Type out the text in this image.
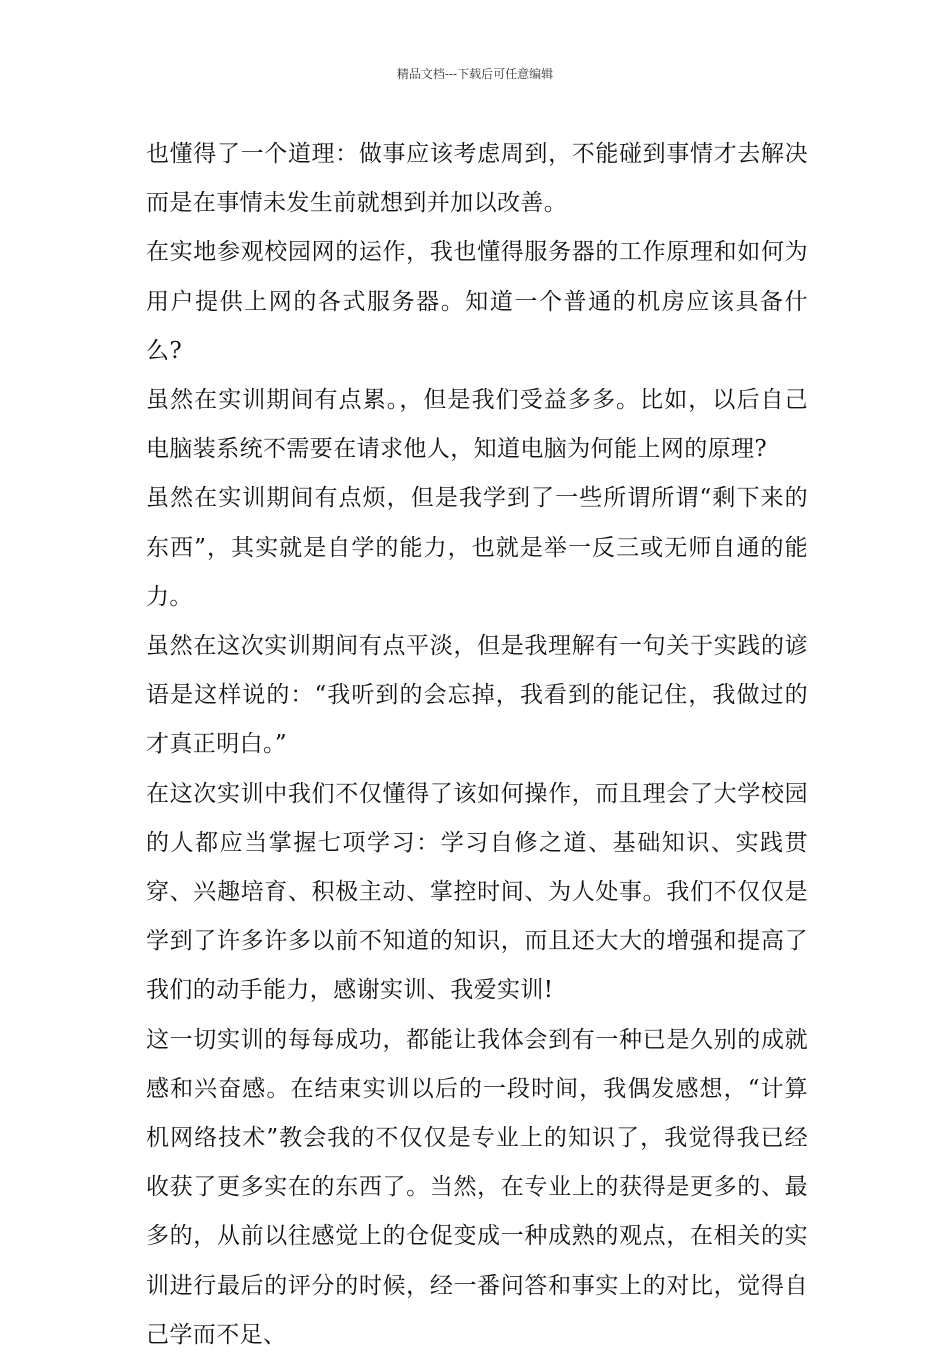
精品文档---下载后可任意编辑

也懂得了一个道理：做事应该考虑周到，不能碰到事情才去解决而是在事情未发生前就想到并加以改善。

在实地参观校园网的运作，我也懂得服务器的工作原理和如何为用户提供上网的各式服务器。知道一个普通的机房应该具备什么?

虽然在实训期间有点累。，但是我们受益多多。比如，以后自己电脑装系统不需要在请求他人，知道电脑为何能上网的原理?

虽然在实训期间有点烦，但是我学到了一些所谓所谓“剩下来的东西”，其实就是自学的能力，也就是举一反三或无师自通的能力。

虽然在这次实训期间有点平淡，但是我理解有一句关于实践的谚语是这样说的：“我听到的会忘掉，我看到的能记住，我做过的才真正明白。”

在这次实训中我们不仅懂得了该如何操作，而且理会了大学校园的人都应当掌握七项学习：学习自修之道、基础知识、实践贯穿、兴趣培育、积极主动、掌控时间、为人处事。我们不仅仅是学到了许多许多以前不知道的知识，而且还大大的增强和提高了我们的动手能力，感谢实训、我爱实训!

这一切实训的每每成功，都能让我体会到有一种已是久别的成就感和兴奋感。在结束实训以后的一段时间，我偶发感想，“计算机网络技术”教会我的不仅仅是专业上的知识了，我觉得我已经收获了更多实在的东西了。当然，在专业上的获得是更多的、最多的，从前以往感觉上的仓促变成一种成熟的观点，在相关的实训进行最后的评分的时候，经一番问答和事实上的对比，觉得自己学而不足、
